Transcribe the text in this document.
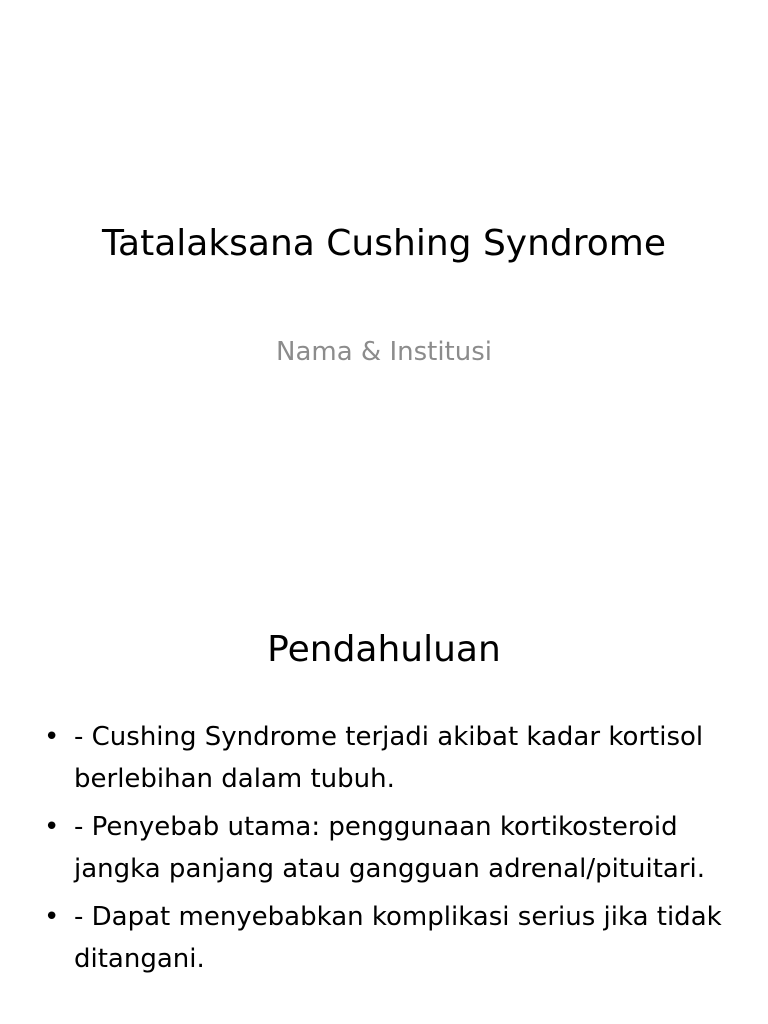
Tatalaksana Cushing Syndrome
Nama & Institusi
Pendahuluan
• - Cushing Syndrome terjadi akibat kadar kortisol berlebihan dalam tubuh.
• - Penyebab utama: penggunaan kortikosteroid jangka panjang atau gangguan adrenal/pituitari.
• - Dapat menyebabkan komplikasi serius jika tidak ditangani.
